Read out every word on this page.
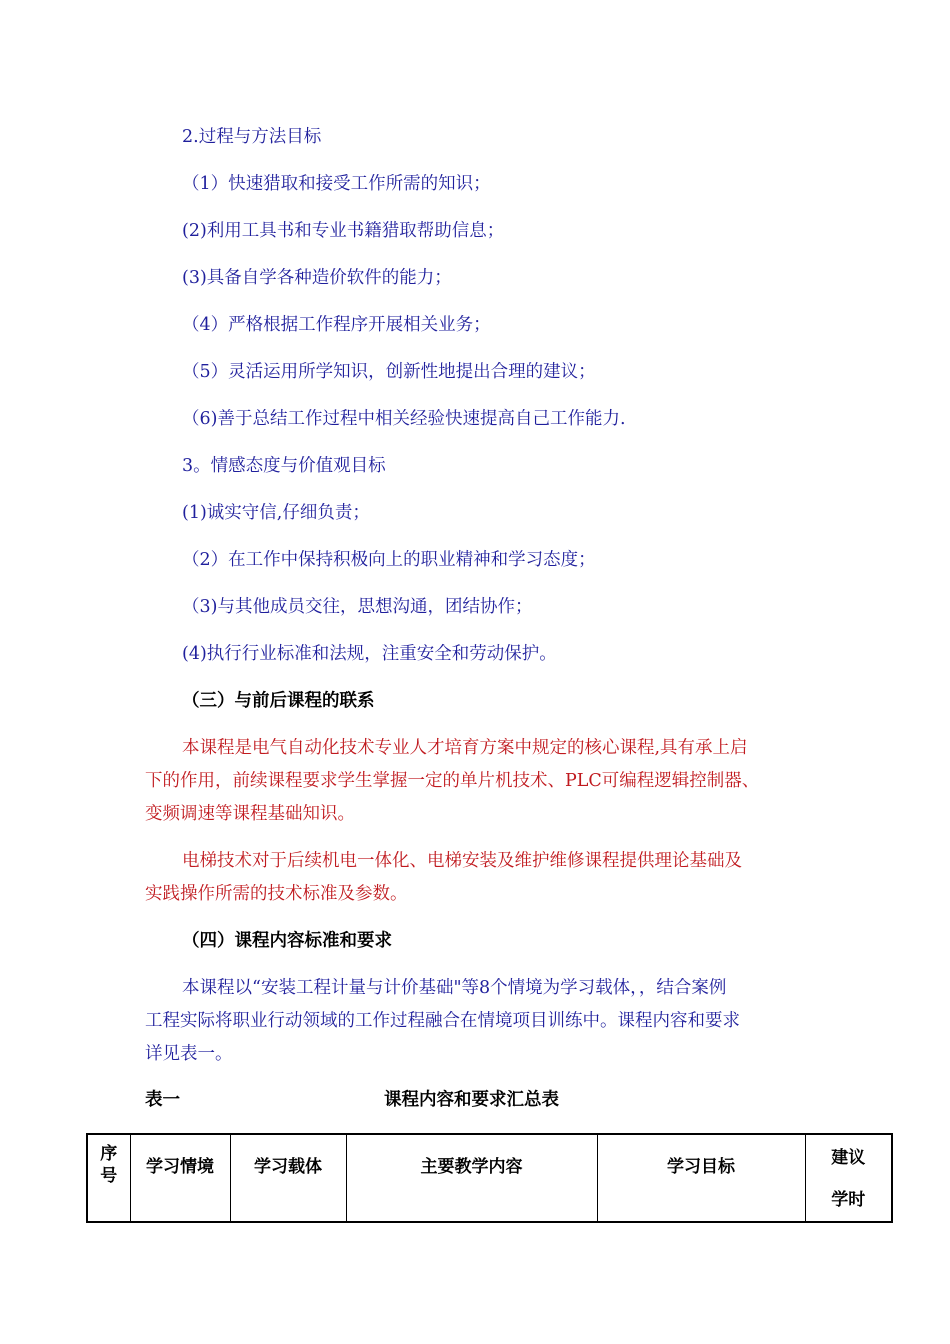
2.过程与方法目标
（1）快速猎取和接受工作所需的知识；
(2)利用工具书和专业书籍猎取帮助信息；
(3)具备自学各种造价软件的能力；
（4）严格根据工作程序开展相关业务；
（5）灵活运用所学知识，创新性地提出合理的建议；
（6)善于总结工作过程中相关经验快速提高自己工作能力.
3。情感态度与价值观目标
(1)诚实守信,仔细负责；
（2）在工作中保持积极向上的职业精神和学习态度；
（3)与其他成员交往，思想沟通，团结协作；
(4)执行行业标准和法规，注重安全和劳动保护。
（三）与前后课程的联系
本课程是电气自动化技术专业人才培育方案中规定的核心课程,具有承上启
下的作用，前续课程要求学生掌握一定的单片机技术、PLC可编程逻辑控制器、
变频调速等课程基础知识。
电梯技术对于后续机电一体化、电梯安装及维护维修课程提供理论基础及
实践操作所需的技术标准及参数。
（四）课程内容标准和要求
本课程以“安装工程计量与计价基础"等8个情境为学习载体，，结合案例
工程实际将职业行动领域的工作过程融合在情境项目训练中。课程内容和要求
详见表一。
表一	课程内容和要求汇总表
序号	学习情境	学习载体	主要教学内容	学习目标	建议学时
